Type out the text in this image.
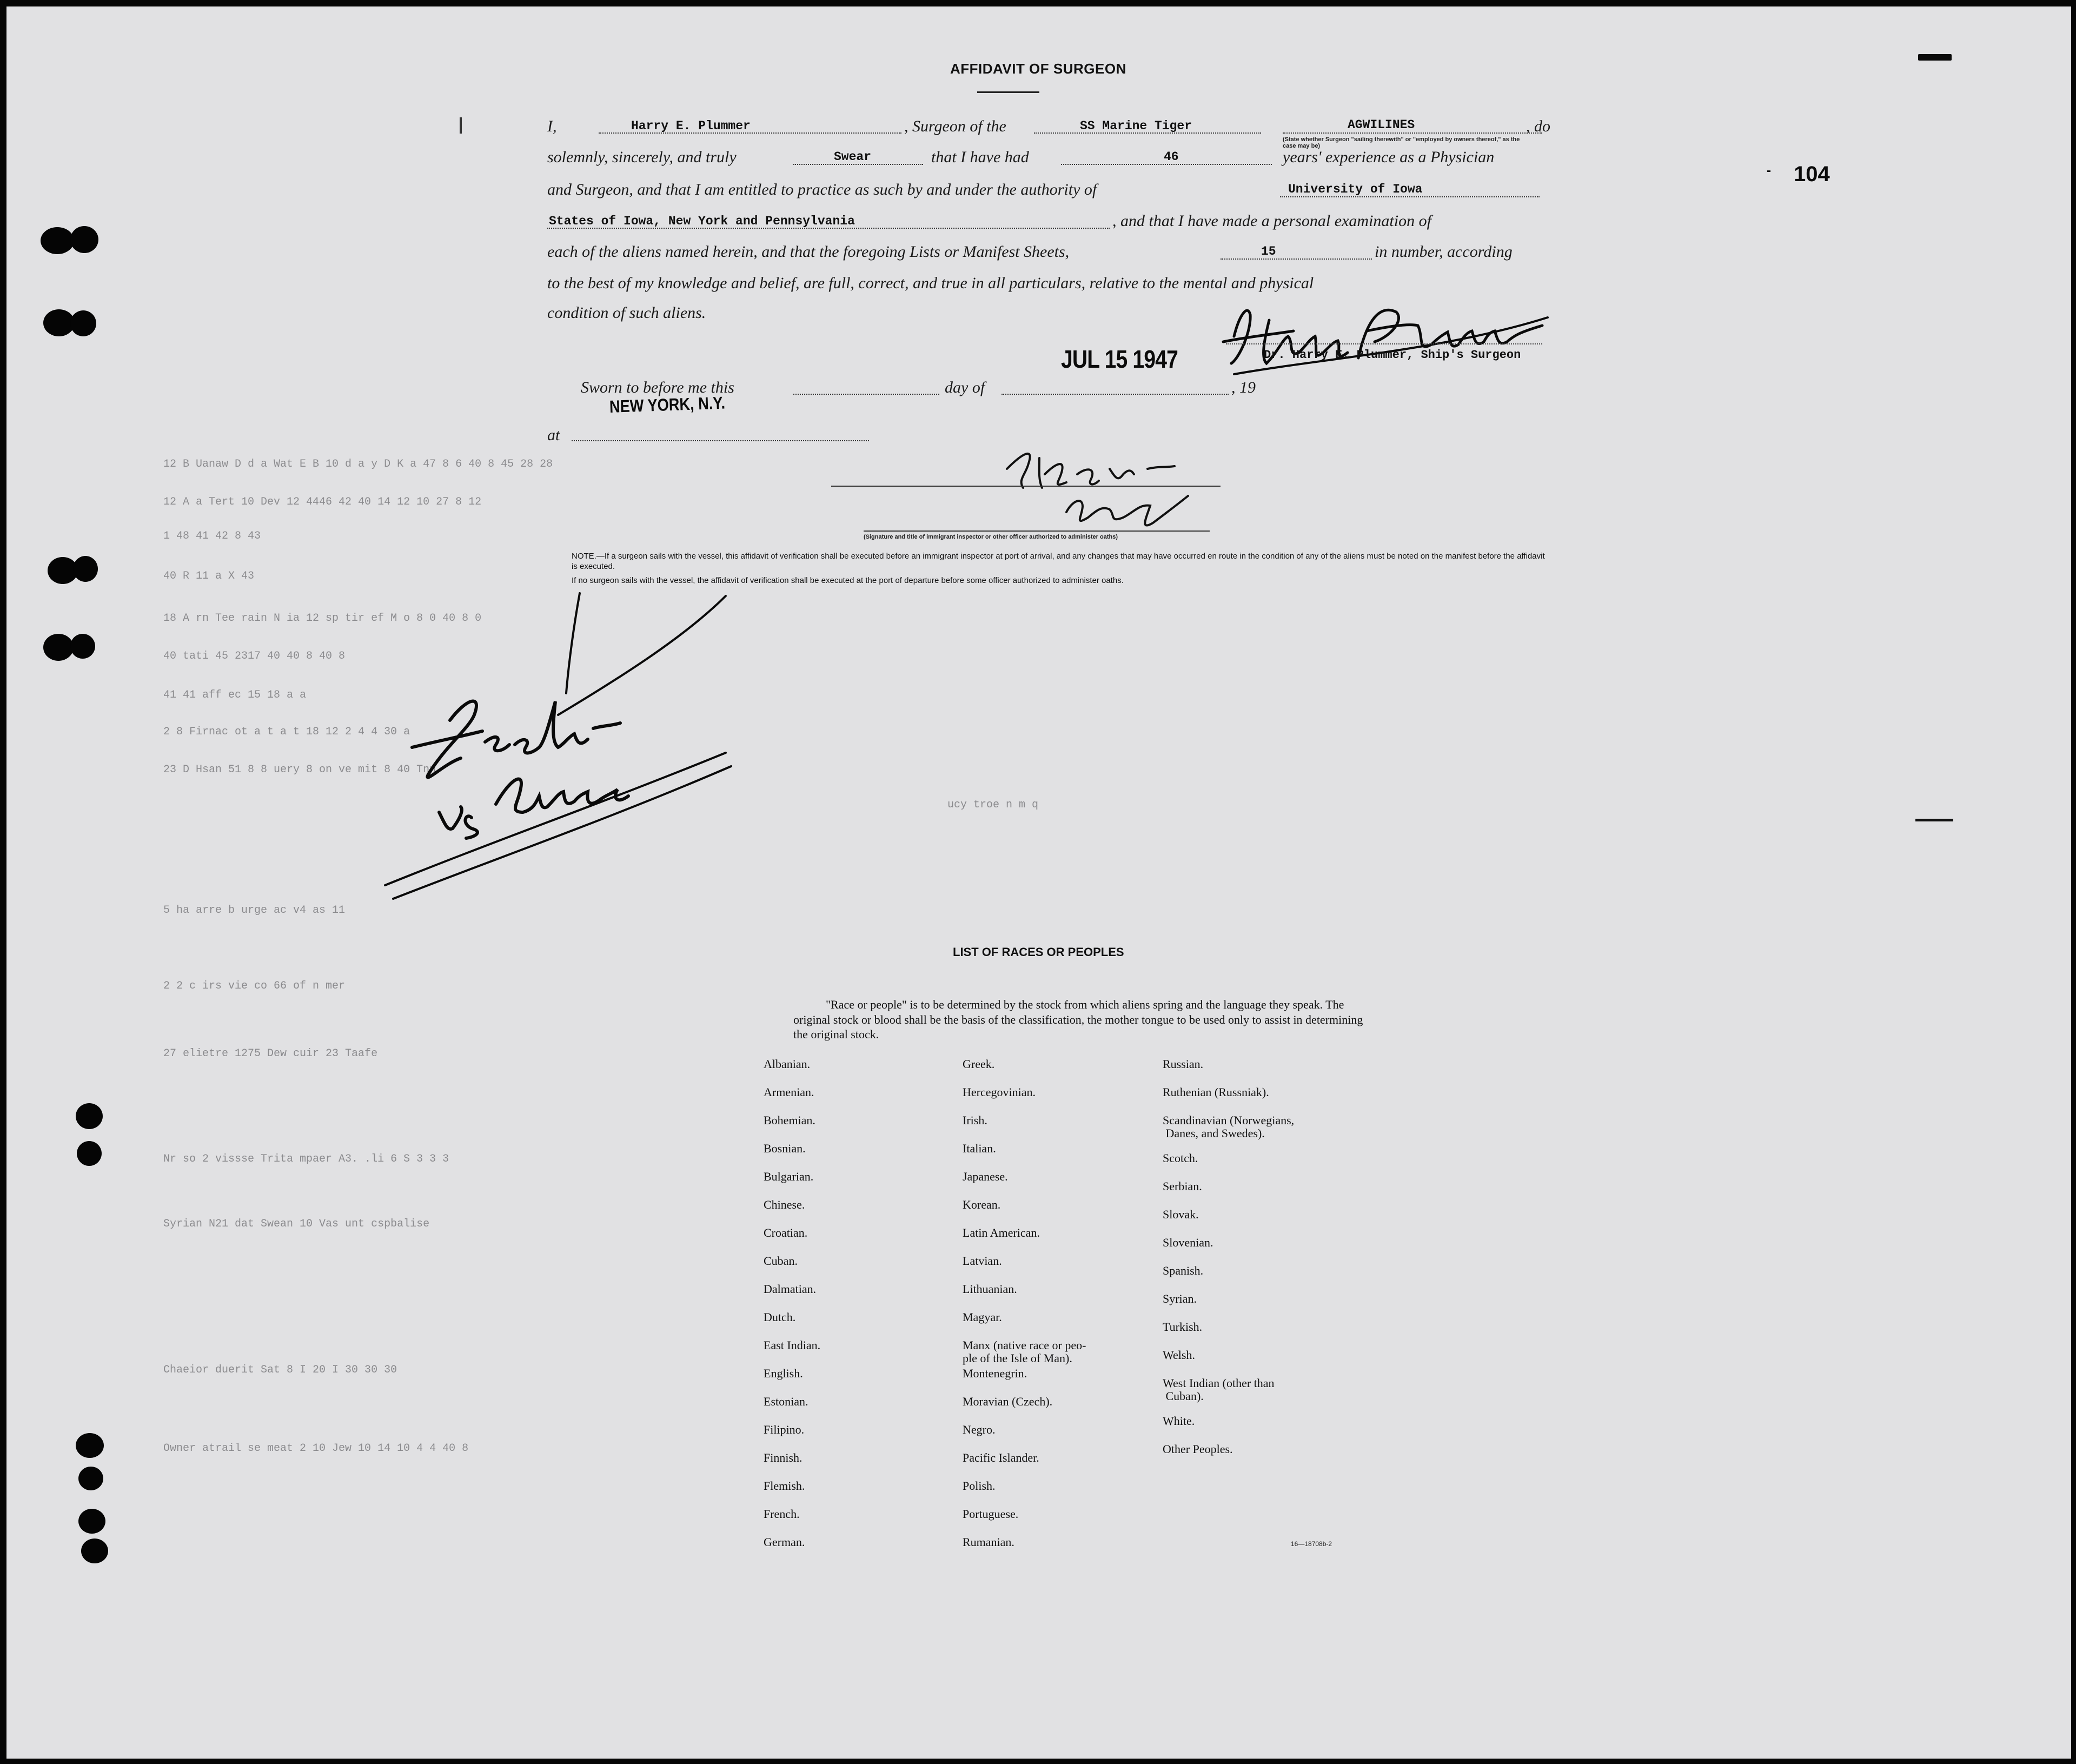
12 B Uanaw D d a Wat E B 10 d a y D K a 47 8 6 40 8 45 28 28
12 A a Tert 10 Dev 12 4446 42 40 14 12 10 27 8 12
1 48 41 42 8 43
40 R 11 a X 43
18 A rn Tee rain N ia 12 sp tir ef M o 8 0 40 8 0
40 tati 45 2317 40 40 8 40 8
41 41 aff ec 15 18 a a
2 8 Firnac ot a t a t 18 12 2 4 4 30 a
23 D Hsan 51 8 8 uery 8 on ve mit 8 40 Tnn
ucy troe n m q
5 ha arre b urge ac v4 as 11
2 2 c irs vie co 66 of n mer
27 elietre 1275 Dew cuir 23 Taafe
Nr so 2 vissse Trita mpaer A3. .li 6 S 3 3 3
Syrian N21 dat Swean 10 Vas unt cspbalise
Chaeior duerit Sat 8 I 20 I 30 30 30
Owner atrail se meat 2 10 Jew 10 14 10 4 4 40 8
AFFIDAVIT OF SURGEON
- 104
I,	Harry E. Plummer	, Surgeon of the	SS Marine Tiger	AGWILINES	, do
(State whether Surgeon "sailing therewith" or "employed by owners thereof," as the case may be)
solemnly, sincerely, and truly	Swear	that I have had	46	years' experience as a Physician
and Surgeon, and that I am entitled to practice as such by and under the authority of	University of Iowa
States of Iowa, New York and Pennsylvania	, and that I have made a personal examination of
each of the aliens named herein, and that the foregoing Lists or Manifest Sheets,	15	in number, according
to the best of my knowledge and belief, are full, correct, and true in all particulars, relative to the mental and physical
condition of such aliens.
Dr. Harry E. Plummer, Ship's Surgeon
JUL 15 1947
Sworn to before me this	day of	, 19
NEW YORK, N.Y.
at
(Signature and title of immigrant inspector or other officer authorized to administer oaths)
NOTE.—If a surgeon sails with the vessel, this affidavit of verification shall be executed before an immigrant inspector at port of arrival, and any changes that may have occurred en route in the condition of any of the aliens must be noted on the manifest before the affidavit is executed.
If no surgeon sails with the vessel, the affidavit of verification shall be executed at the port of departure before some officer authorized to administer oaths.
LIST OF RACES OR PEOPLES
"Race or people" is to be determined by the stock from which aliens spring and the language they speak. The original stock or blood shall be the basis of the classification, the mother tongue to be used only to assist in determining the original stock.
Albanian.
Armenian.
Bohemian.
Bosnian.
Bulgarian.
Chinese.
Croatian.
Cuban.
Dalmatian.
Dutch.
East Indian.
English.
Estonian.
Filipino.
Finnish.
Flemish.
French.
German.
Greek.
Hercegovinian.
Irish.
Italian.
Japanese.
Korean.
Latin American.
Latvian.
Lithuanian.
Magyar.
Manx (native race or peo-
ple of the Isle of Man).
Montenegrin.
Moravian (Czech).
Negro.
Pacific Islander.
Polish.
Portuguese.
Rumanian.
Russian.
Ruthenian (Russniak).
Scandinavian (Norwegians,
Danes, and Swedes).
Scotch.
Serbian.
Slovak.
Slovenian.
Spanish.
Syrian.
Turkish.
Welsh.
West Indian (other than
Cuban).
White.
Other Peoples.
16—18708b-2
